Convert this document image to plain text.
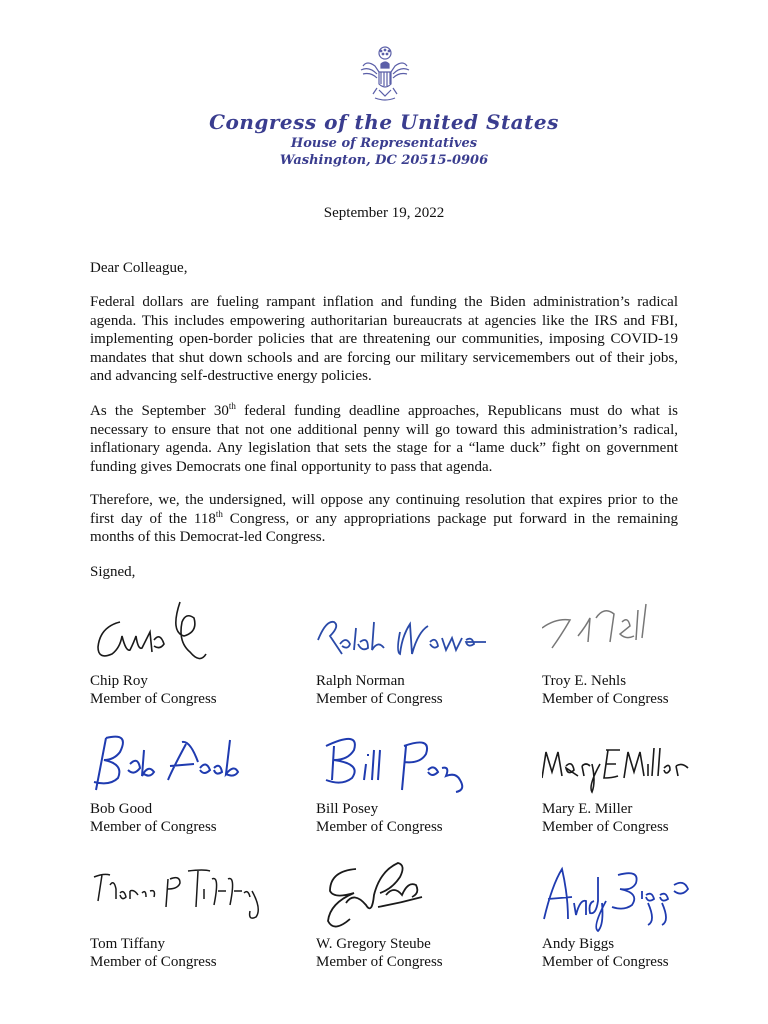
Congress of the United States
House of Representatives
Washington, DC 20515-0906
September 19, 2022
Dear Colleague,
Federal dollars are fueling rampant inflation and funding the Biden administration’s radical agenda. This includes empowering authoritarian bureaucrats at agencies like the IRS and FBI, implementing open-border policies that are threatening our communities, imposing COVID-19 mandates that shut down schools and are forcing our military servicemembers out of their jobs, and advancing self-destructive energy policies.
As the September 30th federal funding deadline approaches, Republicans must do what is necessary to ensure that not one additional penny will go toward this administration’s radical, inflationary agenda. Any legislation that sets the stage for a “lame duck” fight on government funding gives Democrats one final opportunity to pass that agenda.
Therefore, we, the undersigned, will oppose any continuing resolution that expires prior to the first day of the 118th Congress, or any appropriations package put forward in the remaining months of this Democrat-led Congress.
Signed,
Chip Roy
Member of Congress
Ralph Norman
Member of Congress
Troy E. Nehls
Member of Congress
Bob Good
Member of Congress
Bill Posey
Member of Congress
Mary E. Miller
Member of Congress
Tom Tiffany
Member of Congress
W. Gregory Steube
Member of Congress
Andy Biggs
Member of Congress
